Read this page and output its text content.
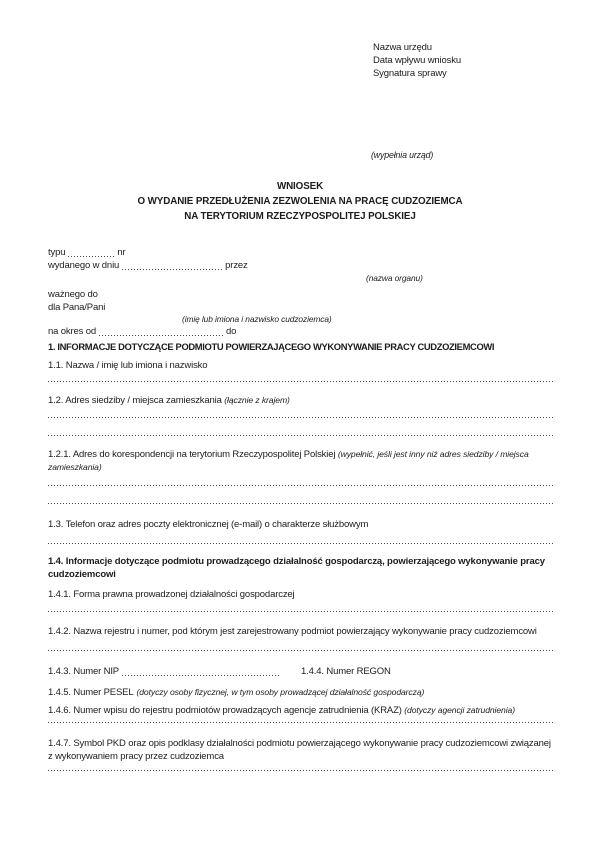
Nazwa urzędu
Data wpływu wniosku
Sygnatura sprawy
(wypełnia urząd)
WNIOSEK
O WYDANIE PRZEDŁUŻENIA ZEZWOLENIA NA PRACĘ CUDZOZIEMCA
NA TERYTORIUM RZECZYPOSPOLITEJ POLSKIEJ
typu	nr
wydanego w dniu	przez
(nazwa organu)
ważnego do
dla Pana/Pani
(imię lub imiona i nazwisko cudzoziemca)
na okres od	do
1. INFORMACJE DOTYCZĄCE PODMIOTU POWIERZAJĄCEGO WYKONYWANIE PRACY CUDZOZIEMCOWI
1.1. Nazwa / imię lub imiona i nazwisko
1.2. Adres siedziby / miejsca zamieszkania (łącznie z krajem)
1.2.1. Adres do korespondencji na terytorium Rzeczypospolitej Polskiej (wypełnić, jeśli jest inny niż adres siedziby / miejsca zamieszkania)
1.3. Telefon oraz adres poczty elektronicznej (e-mail) o charakterze służbowym
1.4. Informacje dotyczące podmiotu prowadzącego działalność gospodarczą, powierzającego wykonywanie pracy cudzoziemcowi
1.4.1. Forma prawna prowadzonej działalności gospodarczej
1.4.2. Nazwa rejestru i numer, pod którym jest zarejestrowany podmiot powierzający wykonywanie pracy cudzoziemcowi
1.4.3. Numer NIP	1.4.4. Numer REGON
1.4.5. Numer PESEL (dotyczy osoby fizycznej, w tym osoby prowadzącej działalność gospodarczą)
1.4.6. Numer wpisu do rejestru podmiotów prowadzących agencje zatrudnienia (KRAZ) (dotyczy agencji zatrudnienia)
1.4.7. Symbol PKD oraz opis podklasy działalności podmiotu powierzającego wykonywanie pracy cudzoziemcowi związanej z wykonywaniem pracy przez cudzoziemca
